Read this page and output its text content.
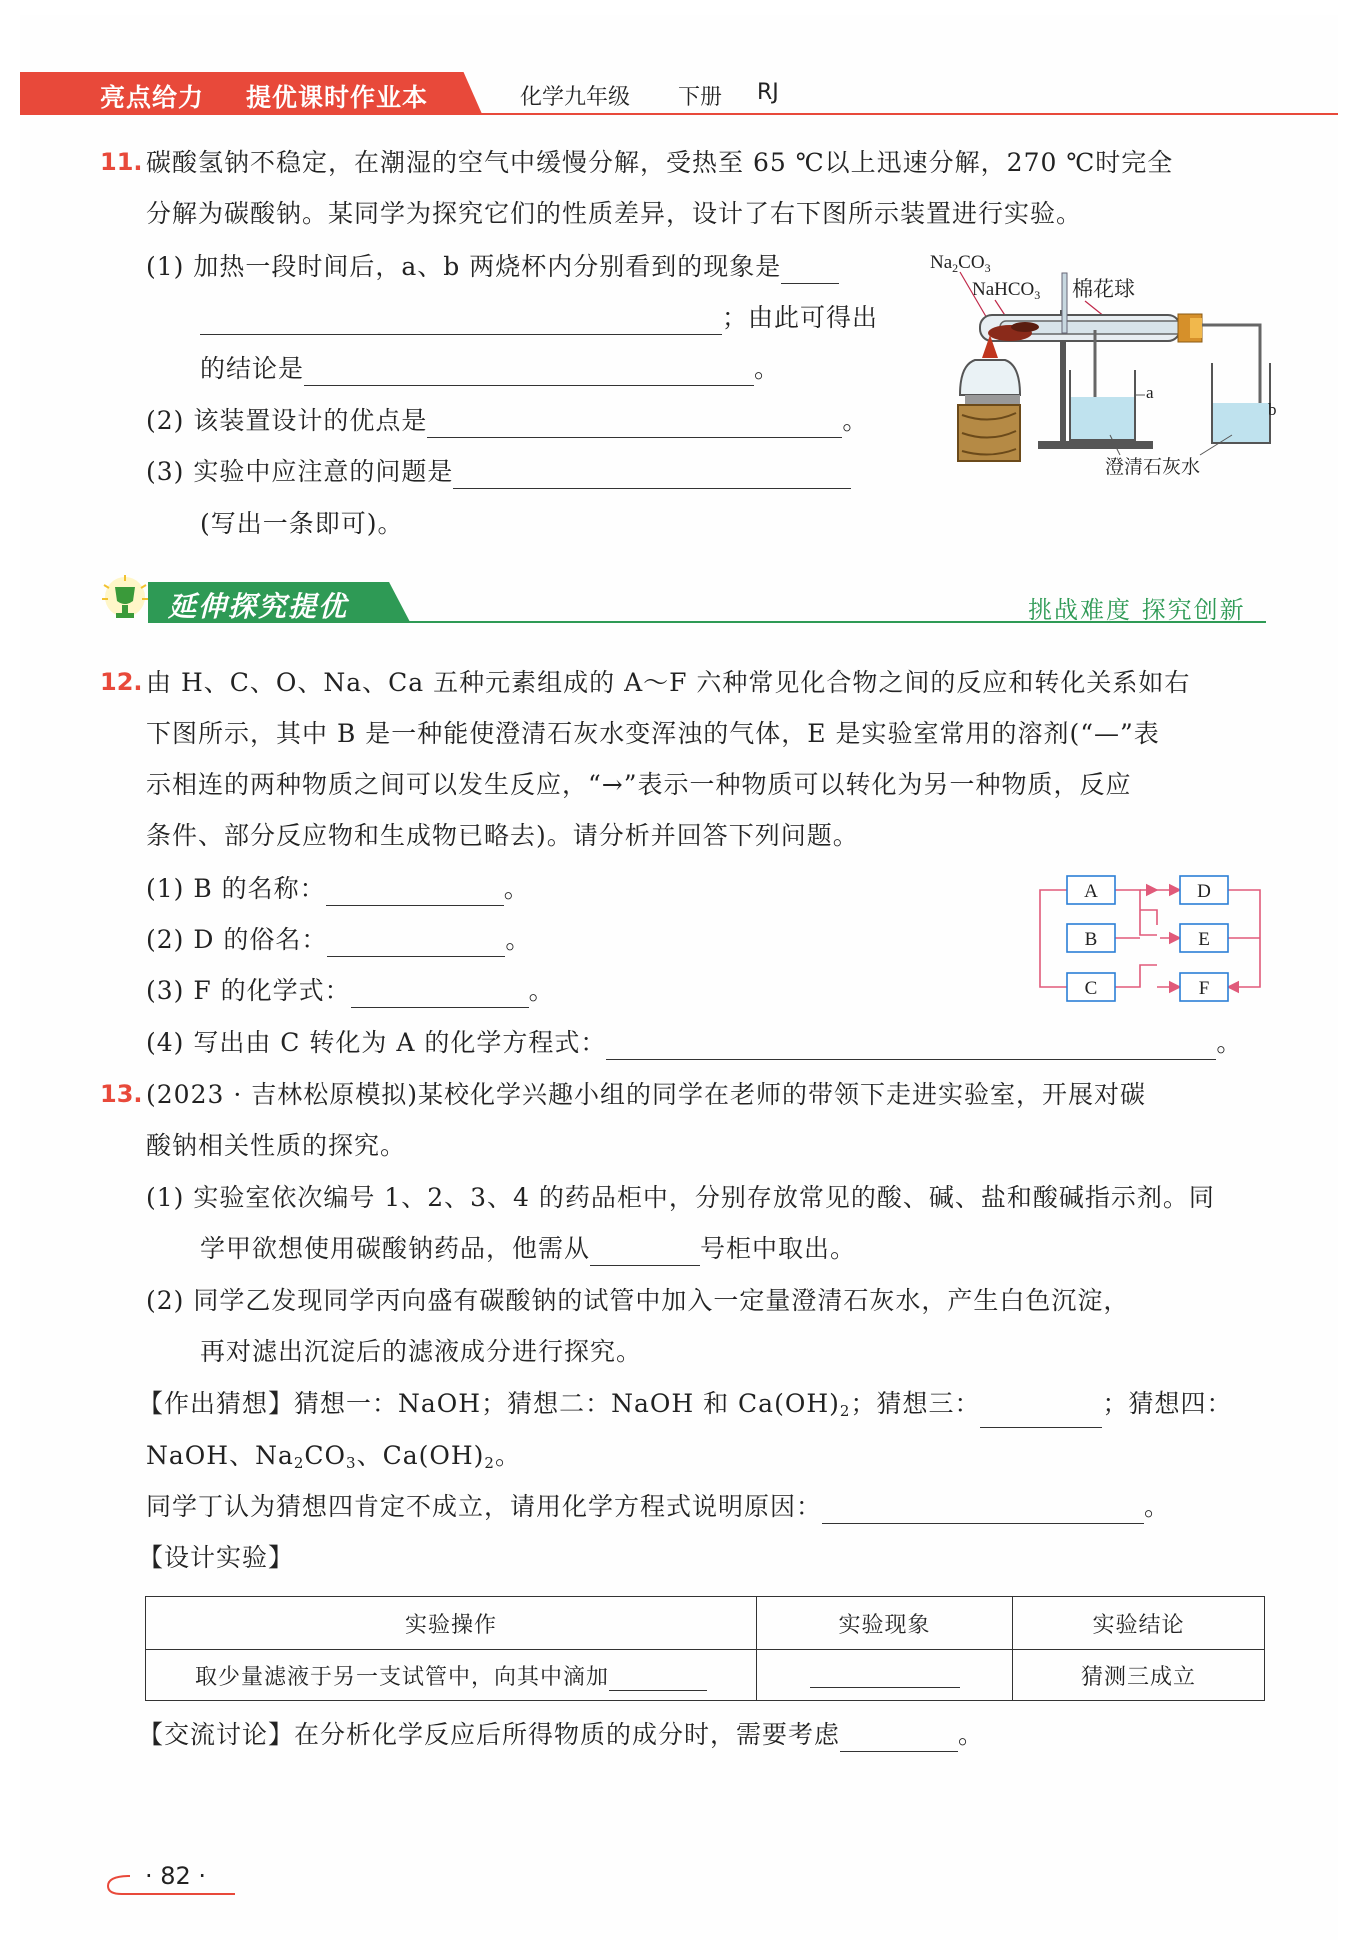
亮点给力 提优课时作业本	化学九年级 下册 RJ
11. 碳酸氢钠不稳定，在潮湿的空气中缓慢分解，受热至 65 ℃以上迅速分解，270 ℃时完全
分解为碳酸钠。某同学为探究它们的性质差异，设计了右下图所示装置进行实验。
(1) 加热一段时间后，a、b 两烧杯内分别看到的现象是
；由此可得出
的结论是	。
(2) 该装置设计的优点是	。
(3) 实验中应注意的问题是
(写出一条即可)。
$Na_2CO_3$
NaHCO$_3$ 棉花球
a
b
澄清石灰水
延伸探究提优	挑战难度 探究创新
12. 由 H、C、O、Na、Ca 五种元素组成的 A～F 六种常见化合物之间的反应和转化关系如右
下图所示，其中 B 是一种能使澄清石灰水变浑浊的气体，E 是实验室常用的溶剂(“—”表
示相连的两种物质之间可以发生反应，“→”表示一种物质可以转化为另一种物质，反应
条件、部分反应物和生成物已略去)。请分析并回答下列问题。
(1) B 的名称：	。
(2) D 的俗名：	。
(3) F 的化学式：	。
(4) 写出由 C 转化为 A 的化学方程式：	。
A
B
C
D
E
F
13. (2023 · 吉林松原模拟)某校化学兴趣小组的同学在老师的带领下走进实验室，开展对碳
酸钠相关性质的探究。
(1) 实验室依次编号 1、2、3、4 的药品柜中，分别存放常见的酸、碱、盐和酸碱指示剂。同
学甲欲想使用碳酸钠药品，他需从	号柜中取出。
(2) 同学乙发现同学丙向盛有碳酸钠的试管中加入一定量澄清石灰水，产生白色沉淀，
再对滤出沉淀后的滤液成分进行探究。
【作出猜想】猜想一：NaOH；猜想二：NaOH 和 $Ca(OH)_2$；猜想三：	；猜想四：
NaOH、$Na_2CO_3$、$Ca(OH)_2$。
同学丁认为猜想四肯定不成立，请用化学方程式说明原因：	。
【设计实验】
实验操作	实验现象	实验结论
取少量滤液于另一支试管中，向其中滴加		猜测三成立
【交流讨论】在分析化学反应后所得物质的成分时，需要考虑	。
· 82 ·
